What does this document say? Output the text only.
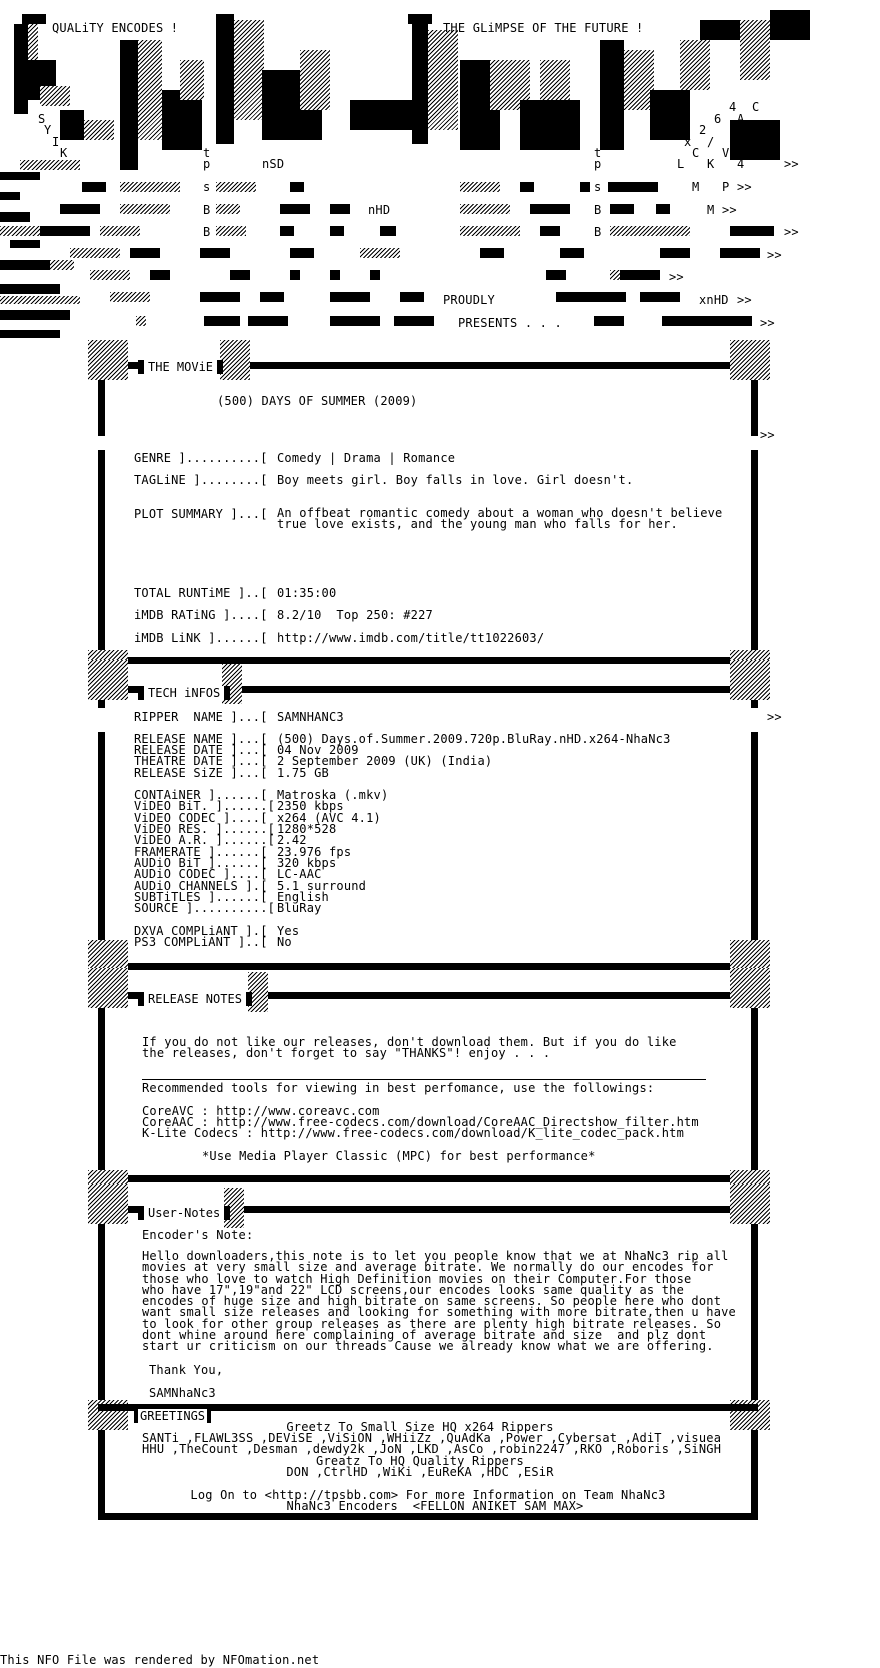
QUALiTY ENCODES !	THE GLiMPSE OF THE FUTURE !
S
Y
I
K	t
p	nSD
t
p
4 C
6 A
2
&
x /
C V
L K 4
M P
s	s
B	nHD	B	M
B	B
xnHD
>>
>>
>>
>>
>>
>>
>>
>>
>>
>>
PROUDLY
PRESENTS . . .
THE MOViE
(500) DAYS OF SUMMER (2009)
GENRE ]..........[ Comedy | Drama | Romance
TAGLiNE ]........[ Boy meets girl. Boy falls in love. Girl doesn't.
PLOT SUMMARY ]...[ An offbeat romantic comedy about a woman who doesn't believe
true love exists, and the young man who falls for her.
TOTAL RUNTiME ]..[ 01:35:00
iMDB RATiNG ]....[ 8.2/10  Top 250: #227
iMDB LiNK ]......[ http://www.imdb.com/title/tt1022603/
TECH iNFOS
RIPPER  NAME ]...[ SAMNHANC3
RELEASE NAME ]...[ (500) Days.of.Summer.2009.720p.BluRay.nHD.x264-NhaNc3
RELEASE DATE ]...[ 04 Nov 2009
THEATRE DATE ]...[ 2 September 2009 (UK) (India)
RELEASE SiZE ]...[ 1.75 GB
CONTAiNER ]......[ Matroska (.mkv)
ViDEO BiT. ]......[ 2350 kbps
ViDEO CODEC ]....[ x264 (AVC 4.1)
ViDEO RES. ]......[ 1280*528
ViDEO A.R. ]......[ 2.42
FRAMERATE ]......[ 23.976 fps
AUDiO BiT ]......[ 320 kbps
AUDiO CODEC ]....[ LC-AAC
AUDiO CHANNELS ].[ 5.1 surround
SUBTiTLES ]......[ English
SOURCE ]..........[ BluRay
DXVA COMPLiANT ].[ Yes
PS3 COMPLiANT ]..[ No
RELEASE NOTES
If you do not like our releases, don't download them. But if you do like
the releases, don't forget to say "THANKS"! enjoy . . .
Recommended tools for viewing in best perfomance, use the followings:
CoreAVC : http://www.coreavc.com
CoreAAC : http://www.free-codecs.com/download/CoreAAC_Directshow_filter.htm
K-Lite Codecs : http://www.free-codecs.com/download/K_lite_codec_pack.htm
*Use Media Player Classic (MPC) for best performance*
User-Notes
Encoder's Note:
Hello downloaders,this note is to let you people know that we at NhaNc3 rip all
movies at very small size and average bitrate. We normally do our encodes for
those who love to watch High Definition movies on their Computer.For those
who have 17",19"and 22" LCD screens,our encodes looks same quality as the
encodes of huge size and high bitrate on same screens. So people here who dont
want small size releases and looking for something with more bitrate,then u have
to look for other group releases as there are plenty high bitrate releases. So
dont whine around here complaining of average bitrate and size  and plz dont
start ur criticism on our threads Cause we already know what we are offering.
Thank You,
SAMNhaNc3
GREETINGS
Greetz To Small Size HQ x264 Rippers
SANTi ,FLAWL3SS ,DEViSE ,ViSiON ,WHiiZz ,QuAdKa ,Power ,Cybersat ,AdiT ,visuea
HHU ,TheCount ,Desman ,dewdy2k ,JoN ,LKD ,AsCo ,robin2247 ,RKO ,Roboris ,SiNGH
Greatz To HQ Quality Rippers
DON ,CtrlHD ,WiKi ,EuReKA ,HDC ,ESiR
Log On to <http://tpsbb.com> For more Information on Team NhaNc3
NhaNc3 Encoders  <FELLON ANIKET SAM MAX>
This NFO File was rendered by NFOmation.net
